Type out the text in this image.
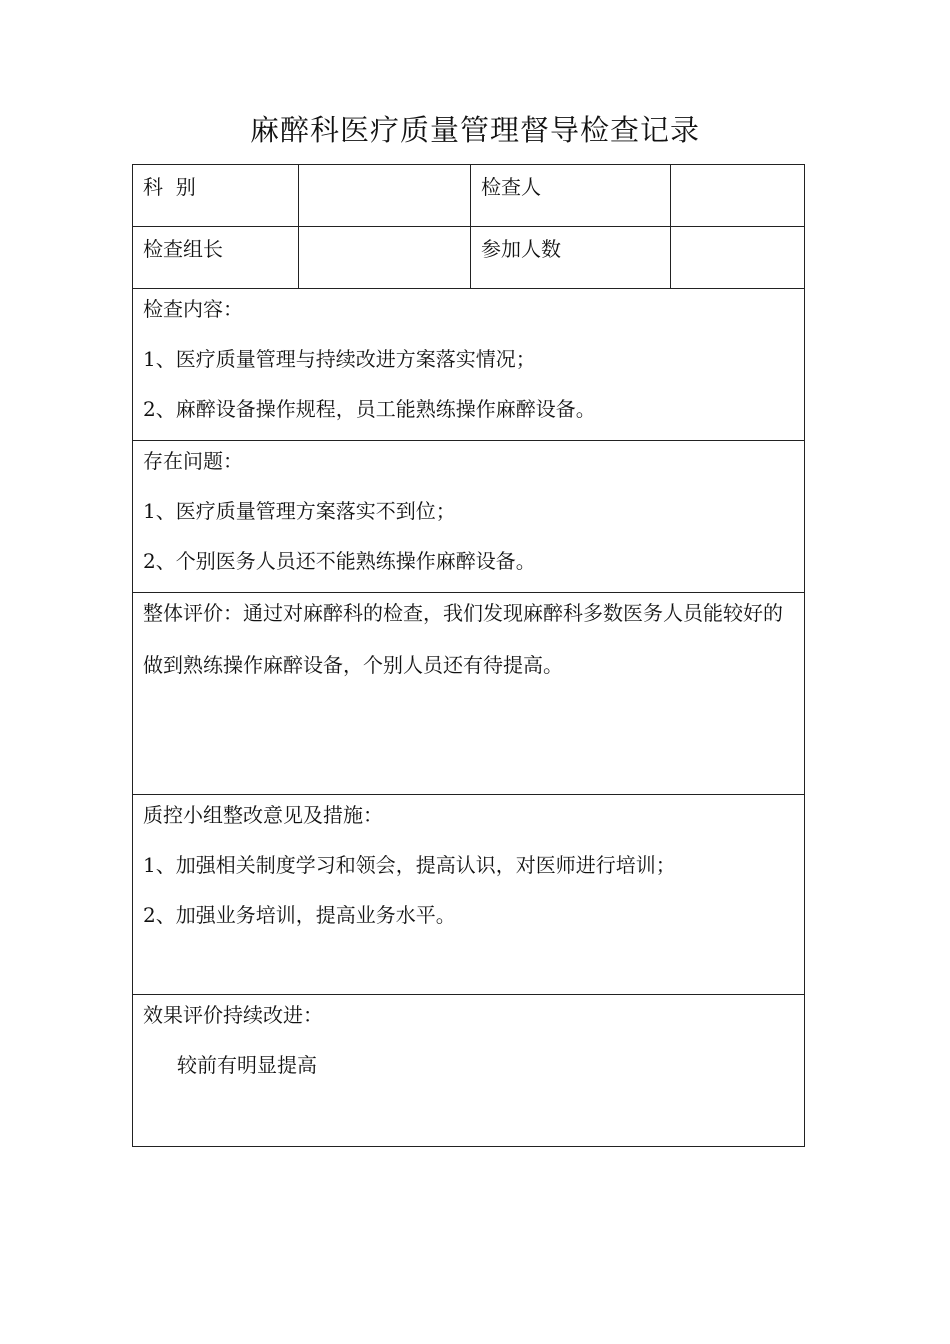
麻醉科医疗质量管理督导检查记录
科  别		检查人	

检查组长		参加人数	

检查内容：
1、医疗质量管理与持续改进方案落实情况；
2、麻醉设备操作规程，员工能熟练操作麻醉设备。			

存在问题：
1、医疗质量管理方案落实不到位；
2、个别医务人员还不能熟练操作麻醉设备。			

整体评价：通过对麻醉科的检查，我们发现麻醉科多数医务人员能较好的做到熟练操作麻醉设备，个别人员还有待提高。			

质控小组整改意见及措施：
1、加强相关制度学习和领会，提高认识，对医师进行培训；
2、加强业务培训，提高业务水平。			

效果评价持续改进：
较前有明显提高			
